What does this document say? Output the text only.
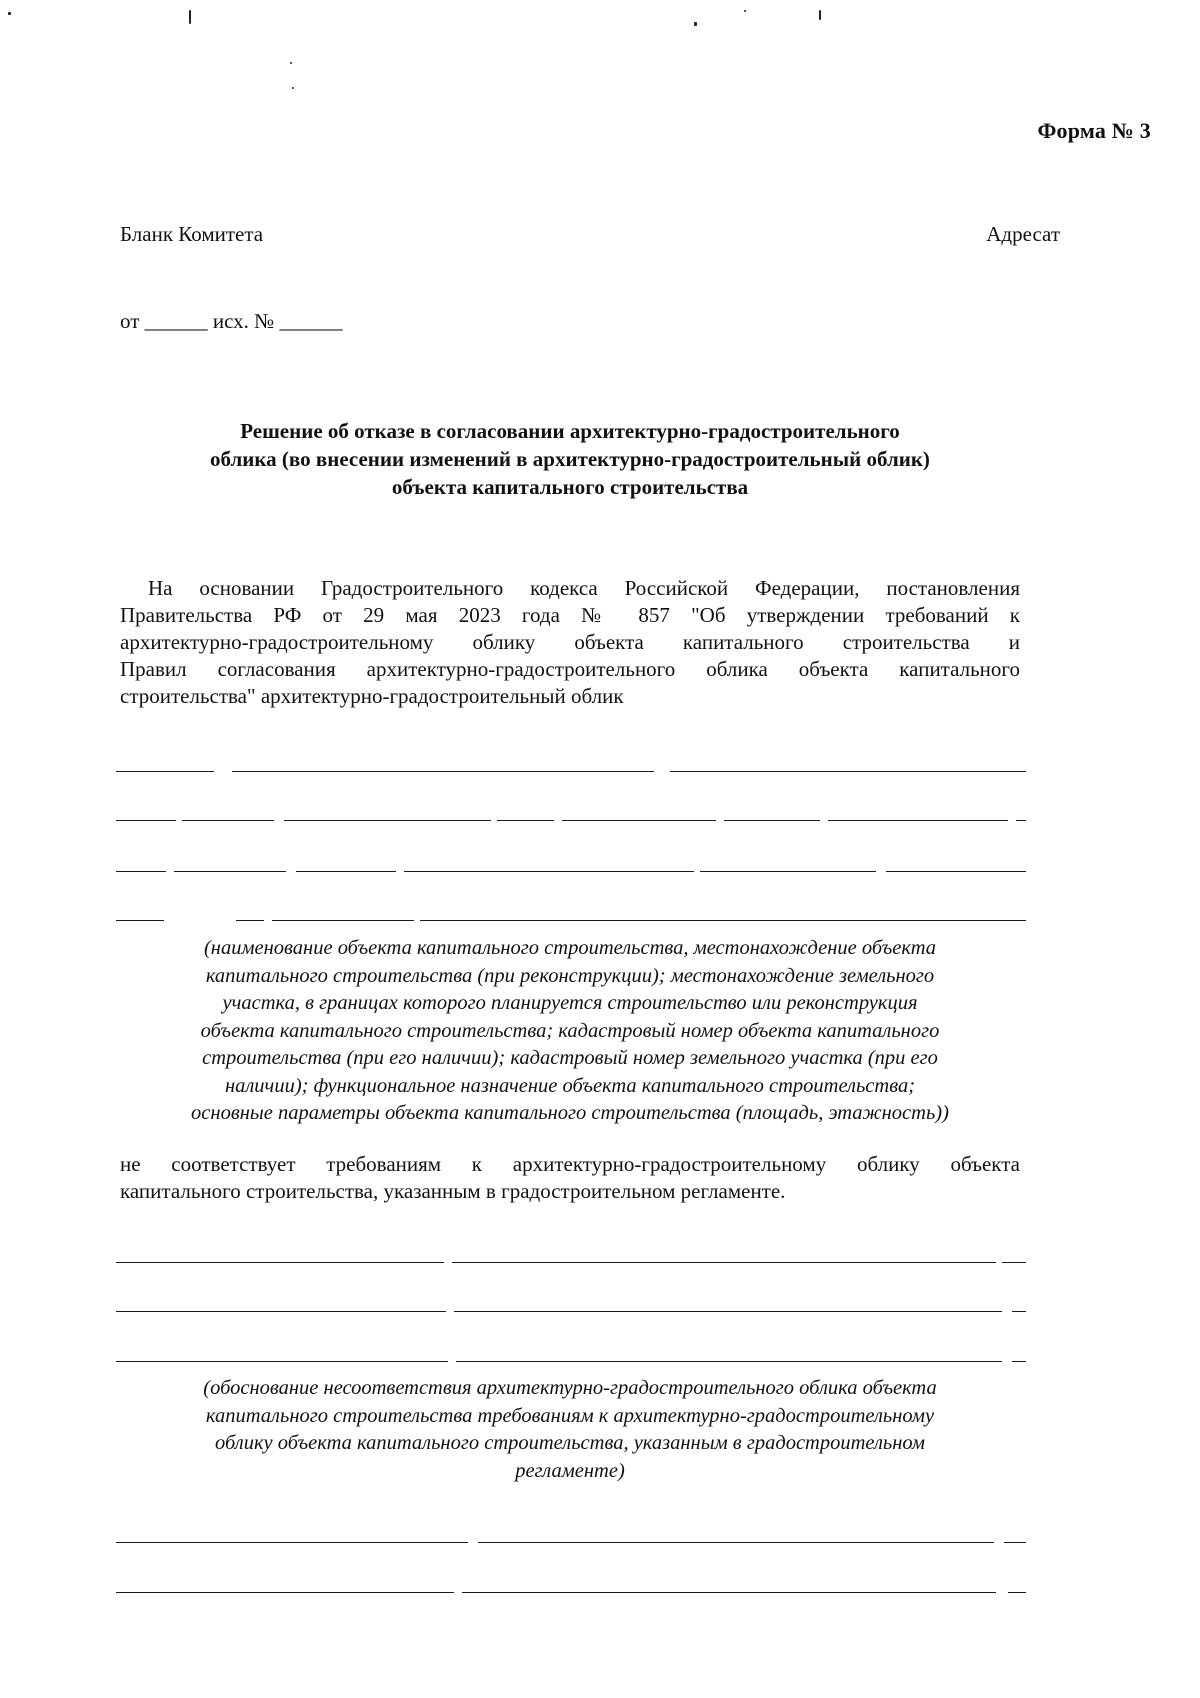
Форма № 3
Бланк Комитета	Адресат
от ______ исх. № ______
Решение об отказе в согласовании архитектурно-градостроительного
облика (во внесении изменений в архитектурно-градостроительный облик)
объекта капитального строительства
На основании Градостроительного кодекса Российской Федерации, постановления
Правительства РФ от 29 мая 2023 года № 857 "Об утверждении требований к
архитектурно-градостроительному облику объекта капитального строительства и
Правил согласования архитектурно-градостроительного облика объекта капитального
строительства" архитектурно-градостроительный облик
(наименование объекта капитального строительства, местонахождение объекта
капитального строительства (при реконструкции); местонахождение земельного
участка, в границах которого планируется строительство или реконструкция
объекта капитального строительства; кадастровый номер объекта капитального
строительства (при его наличии); кадастровый номер земельного участка (при его
наличии); функциональное назначение объекта капитального строительства;
основные параметры объекта капитального строительства (площадь, этажность))
не соответствует требованиям к архитектурно-градостроительному облику объекта
капитального строительства, указанным в градостроительном регламенте.
(обоснование несоответствия архитектурно-градостроительного облика объекта
капитального строительства требованиям к архитектурно-градостроительному
облику объекта капитального строительства, указанным в градостроительном
регламенте)
